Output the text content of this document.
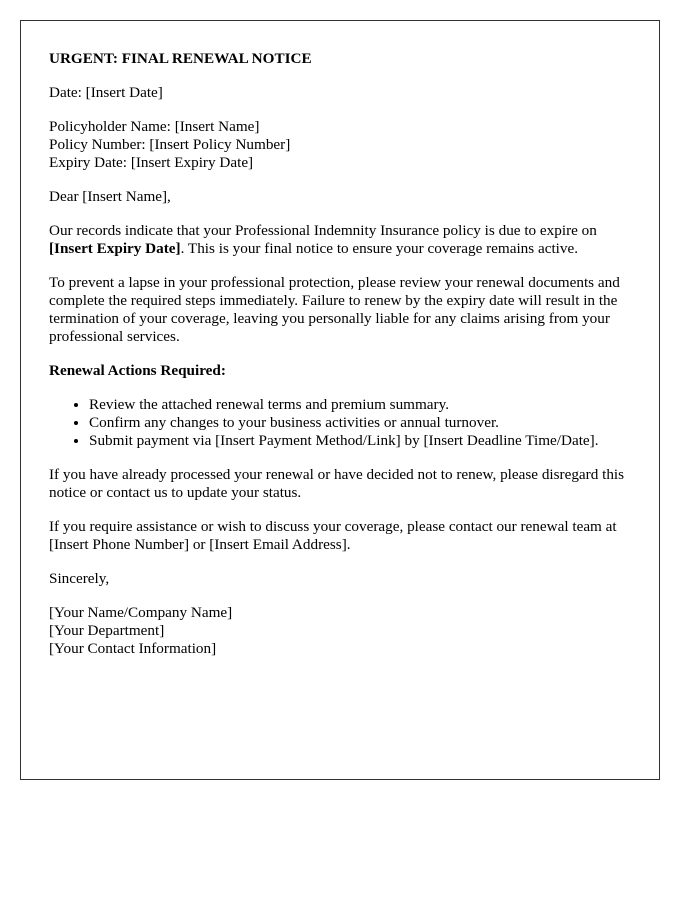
URGENT: FINAL RENEWAL NOTICE

Date: [Insert Date]

Policyholder Name: [Insert Name]
Policy Number: [Insert Policy Number]
Expiry Date: [Insert Expiry Date]

Dear [Insert Name],

Our records indicate that your Professional Indemnity Insurance policy is due to expire on [Insert Expiry Date]. This is your final notice to ensure your coverage remains active.

To prevent a lapse in your professional protection, please review your renewal documents and complete the required steps immediately. Failure to renew by the expiry date will result in the termination of your coverage, leaving you personally liable for any claims arising from your professional services.

Renewal Actions Required:

• Review the attached renewal terms and premium summary.
• Confirm any changes to your business activities or annual turnover.
• Submit payment via [Insert Payment Method/Link] by [Insert Deadline Time/Date].

If you have already processed your renewal or have decided not to renew, please disregard this notice or contact us to update your status.

If you require assistance or wish to discuss your coverage, please contact our renewal team at [Insert Phone Number] or [Insert Email Address].

Sincerely,

[Your Name/Company Name]
[Your Department]
[Your Contact Information]
